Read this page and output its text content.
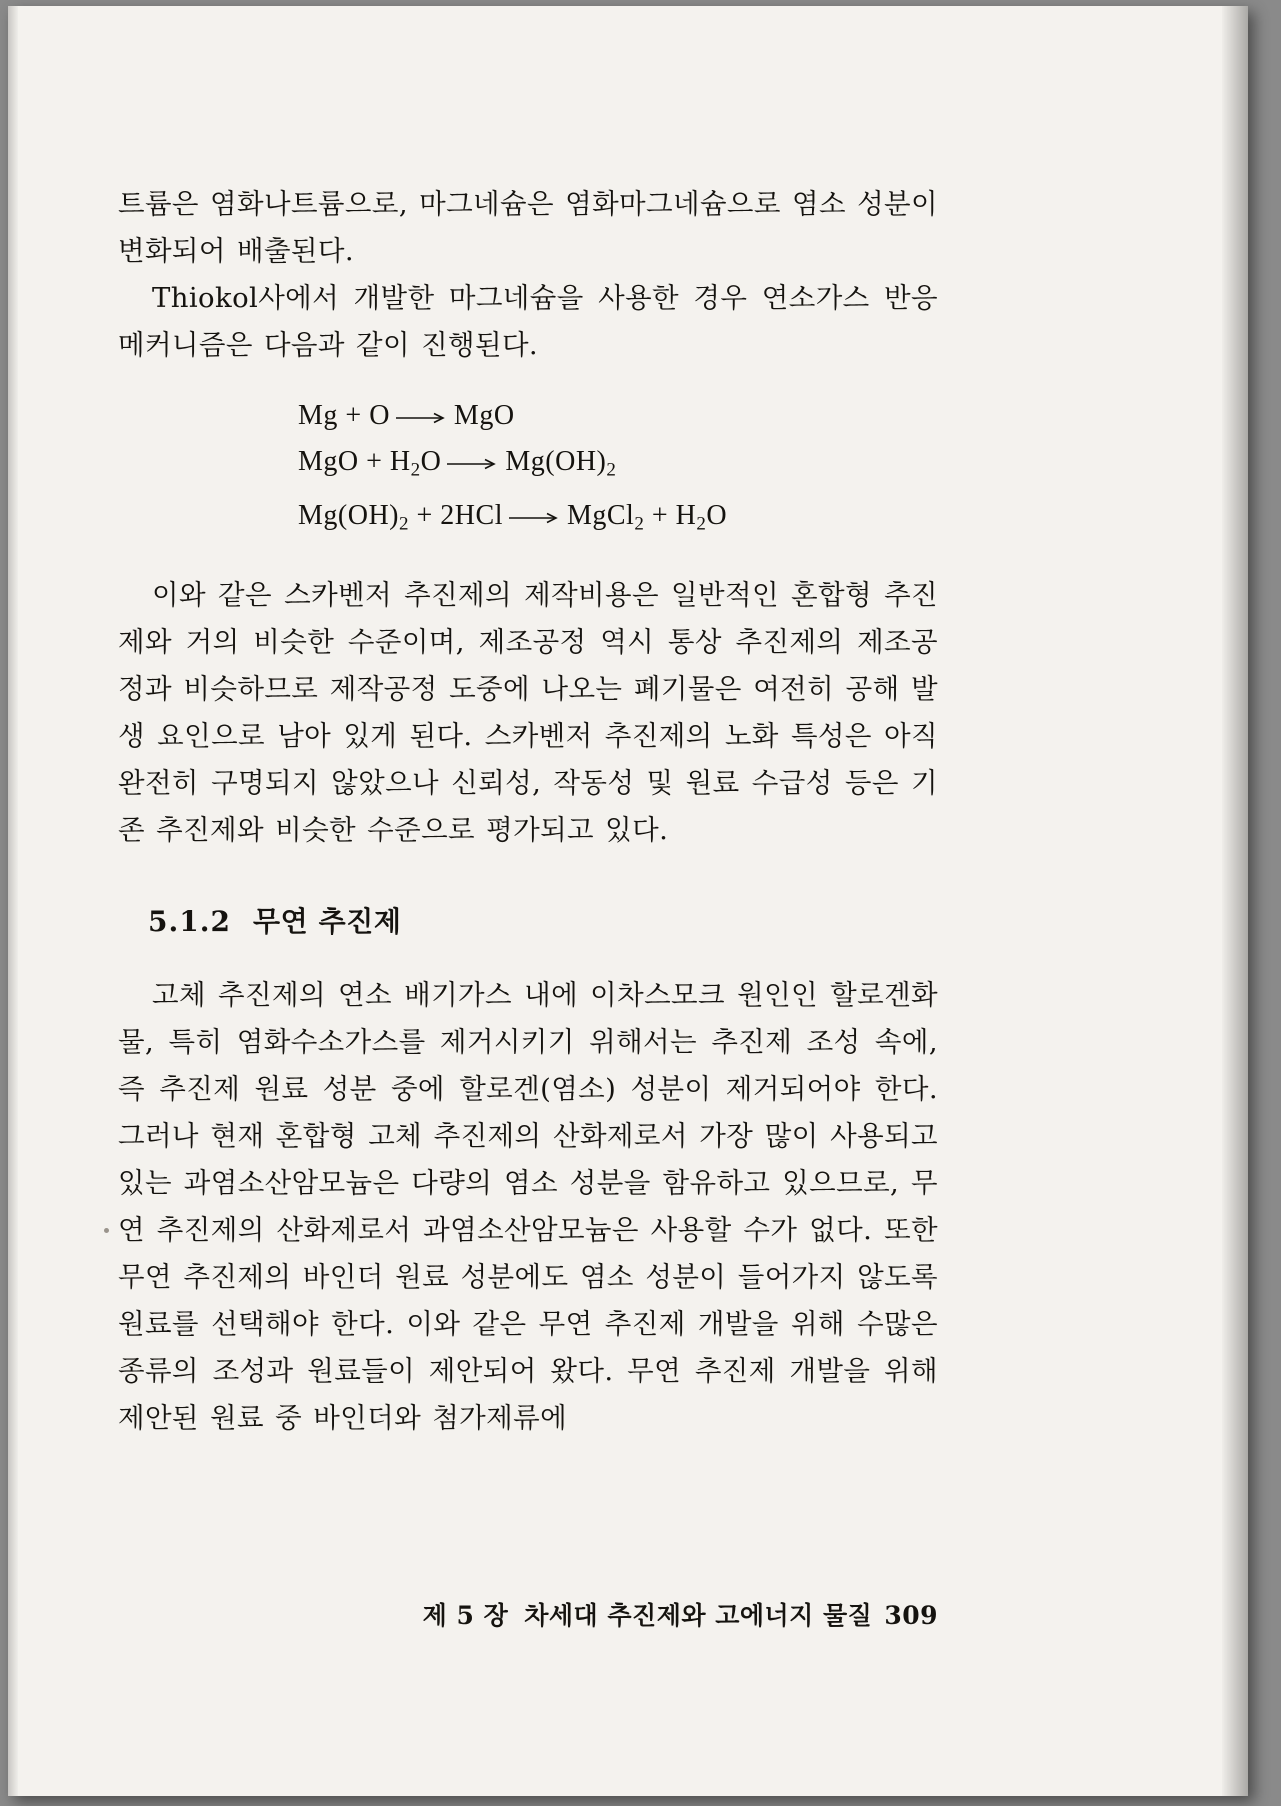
트륨은 염화나트륨으로, 마그네슘은 염화마그네슘으로 염소 성분이 변화되어 배출된다.

Thiokol사에서 개발한 마그네슘을 사용한 경우 연소가스 반응 메커니즘은 다음과 같이 진행된다.

Mg + O → MgO
MgO + $H_2O \to Mg(OH)_2$
$Mg(OH)_2 + 2HCl$ → MgCl$_2$ + $H_2O$

이와 같은 스카벤저 추진제의 제작비용은 일반적인 혼합형 추진제와 거의 비슷한 수준이며, 제조공정 역시 통상 추진제의 제조공정과 비슷하므로 제작공정 도중에 나오는 폐기물은 여전히 공해 발생 요인으로 남아 있게 된다. 스카벤저 추진제의 노화 특성은 아직 완전히 구명되지 않았으나 신뢰성, 작동성 및 원료 수급성 등은 기존 추진제와 비슷한 수준으로 평가되고 있다.

5.1.2 무연 추진제

고체 추진제의 연소 배기가스 내에 이차스모크 원인인 할로겐화물, 특히 염화수소가스를 제거시키기 위해서는 추진제 조성 속에, 즉 추진제 원료 성분 중에 할로겐(염소) 성분이 제거되어야 한다. 그러나 현재 혼합형 고체 추진제의 산화제로서 가장 많이 사용되고 있는 과염소산암모늄은 다량의 염소 성분을 함유하고 있으므로, 무연 추진제의 산화제로서 과염소산암모늄은 사용할 수가 없다. 또한 무연 추진제의 바인더 원료 성분에도 염소 성분이 들어가지 않도록 원료를 선택해야 한다. 이와 같은 무연 추진제 개발을 위해 수많은 종류의 조성과 원료들이 제안되어 왔다. 무연 추진제 개발을 위해 제안된 원료 중 바인더와 첨가제류에

제 5 장 차세대 추진제와 고에너지 물질 309
